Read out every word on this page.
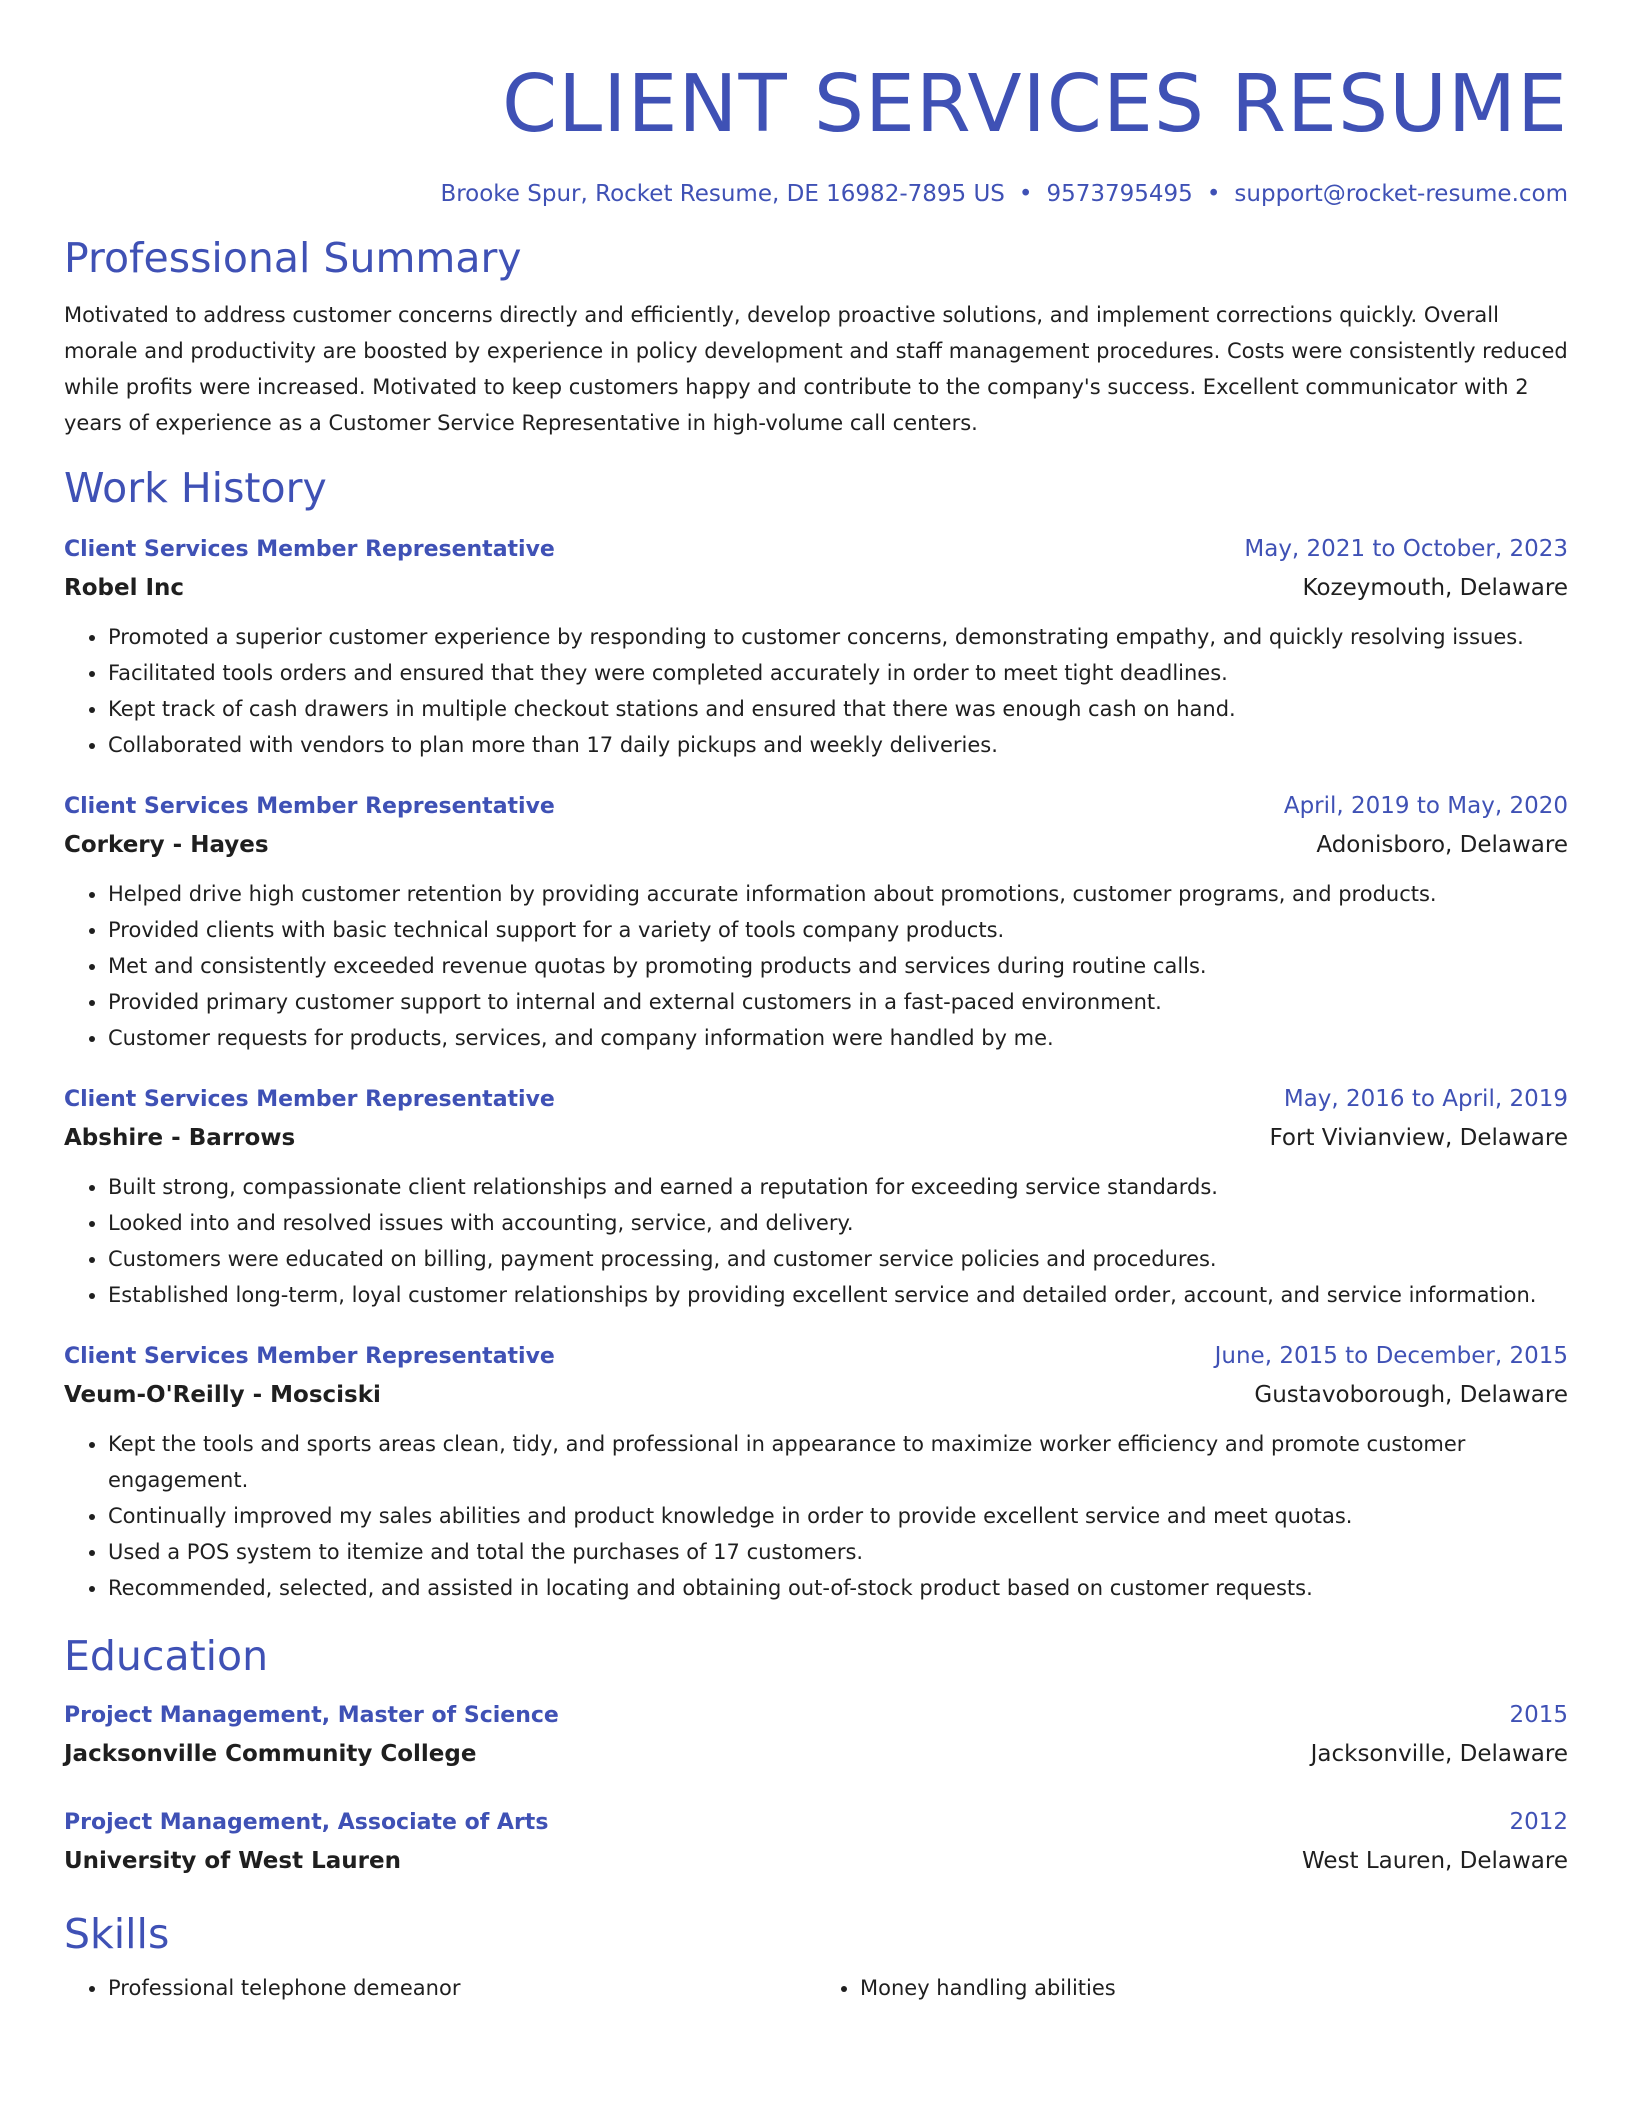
CLIENT SERVICES RESUME
Brooke Spur, Rocket Resume, DE 16982-7895 US • 9573795495 • support@rocket-resume.com
Professional Summary
Motivated to address customer concerns directly and efficiently, develop proactive solutions, and implement corrections quickly. Overall morale and productivity are boosted by experience in policy development and staff management procedures. Costs were consistently reduced while profits were increased. Motivated to keep customers happy and contribute to the company's success. Excellent communicator with 2 years of experience as a Customer Service Representative in high-volume call centers.
Work History
Client Services Member Representative	May, 2021 to October, 2023
Robel Inc	Kozeymouth, Delaware
• Promoted a superior customer experience by responding to customer concerns, demonstrating empathy, and quickly resolving issues.
• Facilitated tools orders and ensured that they were completed accurately in order to meet tight deadlines.
• Kept track of cash drawers in multiple checkout stations and ensured that there was enough cash on hand.
• Collaborated with vendors to plan more than 17 daily pickups and weekly deliveries.
Client Services Member Representative	April, 2019 to May, 2020
Corkery - Hayes	Adonisboro, Delaware
• Helped drive high customer retention by providing accurate information about promotions, customer programs, and products.
• Provided clients with basic technical support for a variety of tools company products.
• Met and consistently exceeded revenue quotas by promoting products and services during routine calls.
• Provided primary customer support to internal and external customers in a fast-paced environment.
• Customer requests for products, services, and company information were handled by me.
Client Services Member Representative	May, 2016 to April, 2019
Abshire - Barrows	Fort Vivianview, Delaware
• Built strong, compassionate client relationships and earned a reputation for exceeding service standards.
• Looked into and resolved issues with accounting, service, and delivery.
• Customers were educated on billing, payment processing, and customer service policies and procedures.
• Established long-term, loyal customer relationships by providing excellent service and detailed order, account, and service information.
Client Services Member Representative	June, 2015 to December, 2015
Veum-O'Reilly - Mosciski	Gustavoborough, Delaware
• Kept the tools and sports areas clean, tidy, and professional in appearance to maximize worker efficiency and promote customer engagement.
• Continually improved my sales abilities and product knowledge in order to provide excellent service and meet quotas.
• Used a POS system to itemize and total the purchases of 17 customers.
• Recommended, selected, and assisted in locating and obtaining out-of-stock product based on customer requests.
Education
Project Management, Master of Science	2015
Jacksonville Community College	Jacksonville, Delaware
Project Management, Associate of Arts	2012
University of West Lauren	West Lauren, Delaware
Skills
• Professional telephone demeanor
•	Money handling abilities
